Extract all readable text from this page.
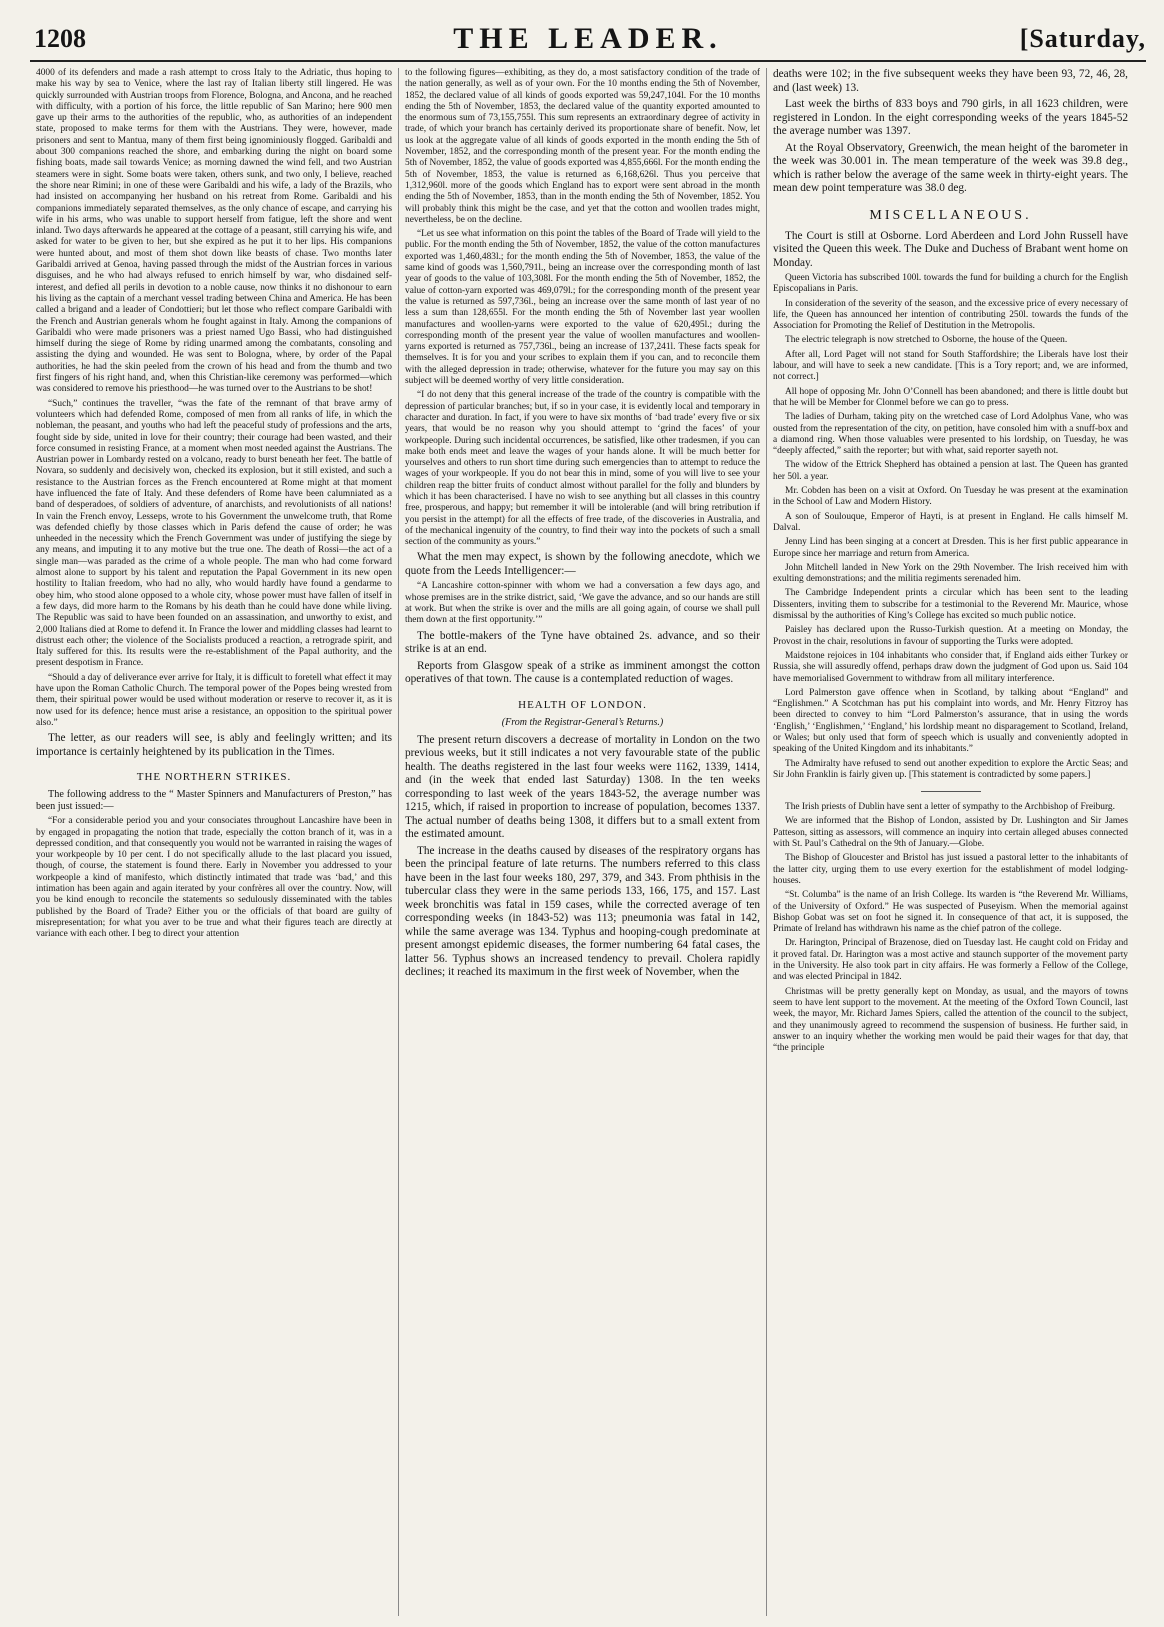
1208	THE LEADER.	[Saturday,

4000 of its defenders and made a rash attempt to cross Italy to the Adriatic, thus hoping to make his way by sea to Venice, where the last ray of Italian liberty still lingered. He was quickly surrounded with Austrian troops from Florence, Bologna, and Ancona, and he reached with difficulty, with a portion of his force, the little republic of San Marino; here 900 men gave up their arms to the authorities of the republic, who, as authorities of an independent state, proposed to make terms for them with the Austrians. They were, however, made prisoners and sent to Mantua, many of them first being ignominiously flogged. Garibaldi and about 300 companions reached the shore, and embarking during the night on board some fishing boats, made sail towards Venice; as morning dawned the wind fell, and two Austrian steamers were in sight. Some boats were taken, others sunk, and two only, I believe, reached the shore near Rimini; in one of these were Garibaldi and his wife, a lady of the Brazils, who had insisted on accompanying her husband on his retreat from Rome. Garibaldi and his companions immediately separated themselves, as the only chance of escape, and carrying his wife in his arms, who was unable to support herself from fatigue, left the shore and went inland. Two days afterwards he appeared at the cottage of a peasant, still carrying his wife, and asked for water to be given to her, but she expired as he put it to her lips. His companions were hunted about, and most of them shot down like beasts of chase. Two months later Garibaldi arrived at Genoa, having passed through the midst of the Austrian forces in various disguises, and he who had always refused to enrich himself by war, who disdained self-interest, and defied all perils in devotion to a noble cause, now thinks it no dishonour to earn his living as the captain of a merchant vessel trading between China and America. He has been called a brigand and a leader of Condottieri; but let those who reflect compare Garibaldi with the French and Austrian generals whom he fought against in Italy. Among the companions of Garibaldi who were made prisoners was a priest named Ugo Bassi, who had distinguished himself during the siege of Rome by riding unarmed among the combatants, consoling and assisting the dying and wounded. He was sent to Bologna, where, by order of the Papal authorities, he had the skin peeled from the crown of his head and from the thumb and two first fingers of his right hand, and, when this Christian-like ceremony was performed—which was considered to remove his priesthood—he was turned over to the Austrians to be shot!

“Such,” continues the traveller, “was the fate of the remnant of that brave army of volunteers which had defended Rome, composed of men from all ranks of life, in which the nobleman, the peasant, and youths who had left the peaceful study of professions and the arts, fought side by side, united in love for their country; their courage had been wasted, and their force consumed in resisting France, at a moment when most needed against the Austrians. The Austrian power in Lombardy rested on a volcano, ready to burst beneath her feet. The battle of Novara, so suddenly and decisively won, checked its explosion, but it still existed, and such a resistance to the Austrian forces as the French encountered at Rome might at that moment have influenced the fate of Italy. And these defenders of Rome have been calumniated as a band of desperadoes, of soldiers of adventure, of anarchists, and revolutionists of all nations! In vain the French envoy, Lesseps, wrote to his Government the unwelcome truth, that Rome was defended chiefly by those classes which in Paris defend the cause of order; he was unheeded in the necessity which the French Government was under of justifying the siege by any means, and imputing it to any motive but the true one. The death of Rossi—the act of a single man—was paraded as the crime of a whole people. The man who had come forward almost alone to support by his talent and reputation the Papal Government in its new open hostility to Italian freedom, who had no ally, who would hardly have found a gendarme to obey him, who stood alone opposed to a whole city, whose power must have fallen of itself in a few days, did more harm to the Romans by his death than he could have done while living. The Republic was said to have been founded on an assassination, and unworthy to exist, and 2,000 Italians died at Rome to defend it. In France the lower and middling classes had learnt to distrust each other; the violence of the Socialists produced a reaction, a retrograde spirit, and Italy suffered for this. Its results were the re-establishment of the Papal authority, and the present despotism in France.

“Should a day of deliverance ever arrive for Italy, it is difficult to foretell what effect it may have upon the Roman Catholic Church. The temporal power of the Popes being wrested from them, their spiritual power would be used without moderation or reserve to recover it, as it is now used for its defence; hence must arise a resistance, an opposition to the spiritual power also.”

The letter, as our readers will see, is ably and feelingly written; and its importance is certainly heightened by its publication in the Times.

THE NORTHERN STRIKES.

The following address to the “ Master Spinners and Manufacturers of Preston,” has been just issued:—

“For a considerable period you and your consociates throughout Lancashire have been in by engaged in propagating the notion that trade, especially the cotton branch of it, was in a depressed condition, and that consequently you would not be warranted in raising the wages of your workpeople by 10 per cent. I do not specifically allude to the last placard you issued, though, of course, the statement is found there. Early in November you addressed to your workpeople a kind of manifesto, which distinctly intimated that trade was ‘bad,’ and this intimation has been again and again iterated by your confrères all over the country. Now, will you be kind enough to reconcile the statements so sedulously disseminated with the tables published by the Board of Trade? Either you or the officials of that board are guilty of misrepresentation; for what you aver to be true and what their figures teach are directly at variance with each other. I beg to direct your attention

to the following figures—exhibiting, as they do, a most satisfactory condition of the trade of the nation generally, as well as of your own. For the 10 months ending the 5th of November, 1852, the declared value of all kinds of goods exported was 59,247,104l. For the 10 months ending the 5th of November, 1853, the declared value of the quantity exported amounted to the enormous sum of 73,155,755l. This sum represents an extraordinary degree of activity in trade, of which your branch has certainly derived its proportionate share of benefit. Now, let us look at the aggregate value of all kinds of goods exported in the month ending the 5th of November, 1852, and the corresponding month of the present year. For the month ending the 5th of November, 1852, the value of goods exported was 4,855,666l. For the month ending the 5th of November, 1853, the value is returned as 6,168,626l. Thus you perceive that 1,312,960l. more of the goods which England has to export were sent abroad in the month ending the 5th of November, 1853, than in the month ending the 5th of November, 1852. You will probably think this might be the case, and yet that the cotton and woollen trades might, nevertheless, be on the decline.

“Let us see what information on this point the tables of the Board of Trade will yield to the public. For the month ending the 5th of November, 1852, the value of the cotton manufactures exported was 1,460,483l.; for the month ending the 5th of November, 1853, the value of the same kind of goods was 1,560,791l., being an increase over the corresponding month of last year of goods to the value of 103,308l. For the month ending the 5th of November, 1852, the value of cotton-yarn exported was 469,079l.; for the corresponding month of the present year the value is returned as 597,736l., being an increase over the same month of last year of no less a sum than 128,655l. For the month ending the 5th of November last year woollen manufactures and woollen-yarns were exported to the value of 620,495l.; during the corresponding month of the present year the value of woollen manufactures and woollen-yarns exported is returned as 757,736l., being an increase of 137,241l. These facts speak for themselves. It is for you and your scribes to explain them if you can, and to reconcile them with the alleged depression in trade; otherwise, whatever for the future you may say on this subject will be deemed worthy of very little consideration.

“I do not deny that this general increase of the trade of the country is compatible with the depression of particular branches; but, if so in your case, it is evidently local and temporary in character and duration. In fact, if you were to have six months of ‘bad trade’ every five or six years, that would be no reason why you should attempt to ‘grind the faces’ of your workpeople. During such incidental occurrences, be satisfied, like other tradesmen, if you can make both ends meet and leave the wages of your hands alone. It will be much better for yourselves and others to run short time during such emergencies than to attempt to reduce the wages of your workpeople. If you do not bear this in mind, some of you will live to see your children reap the bitter fruits of conduct almost without parallel for the folly and blunders by which it has been characterised. I have no wish to see anything but all classes in this country free, prosperous, and happy; but remember it will be intolerable (and will bring retribution if you persist in the attempt) for all the effects of free trade, of the discoveries in Australia, and of the mechanical ingenuity of the country, to find their way into the pockets of such a small section of the community as yours.”

What the men may expect, is shown by the following anecdote, which we quote from the Leeds Intelligencer:—

“A Lancashire cotton-spinner with whom we had a conversation a few days ago, and whose premises are in the strike district, said, ‘We gave the advance, and so our hands are still at work. But when the strike is over and the mills are all going again, of course we shall pull them down at the first opportunity.’”

The bottle-makers of the Tyne have obtained 2s. advance, and so their strike is at an end.

Reports from Glasgow speak of a strike as imminent amongst the cotton operatives of that town. The cause is a contemplated reduction of wages.

HEALTH OF LONDON.
(From the Registrar-General’s Returns.)

The present return discovers a decrease of mortality in London on the two previous weeks, but it still indicates a not very favourable state of the public health. The deaths registered in the last four weeks were 1162, 1339, 1414, and (in the week that ended last Saturday) 1308. In the ten weeks corresponding to last week of the years 1843-52, the average number was 1215, which, if raised in proportion to increase of population, becomes 1337. The actual number of deaths being 1308, it differs but to a small extent from the estimated amount.

The increase in the deaths caused by diseases of the respiratory organs has been the principal feature of late returns. The numbers referred to this class have been in the last four weeks 180, 297, 379, and 343. From phthisis in the tubercular class they were in the same periods 133, 166, 175, and 157. Last week bronchitis was fatal in 159 cases, while the corrected average of ten corresponding weeks (in 1843-52) was 113; pneumonia was fatal in 142, while the same average was 134. Typhus and hooping-cough predominate at present amongst epidemic diseases, the former numbering 64 fatal cases, the latter 56. Typhus shows an increased tendency to prevail. Cholera rapidly declines; it reached its maximum in the first week of November, when the

deaths were 102; in the five subsequent weeks they have been 93, 72, 46, 28, and (last week) 13.

Last week the births of 833 boys and 790 girls, in all 1623 children, were registered in London. In the eight corresponding weeks of the years 1845-52 the average number was 1397.

At the Royal Observatory, Greenwich, the mean height of the barometer in the week was 30.001 in. The mean temperature of the week was 39.8 deg., which is rather below the average of the same week in thirty-eight years. The mean dew point temperature was 38.0 deg.

MISCELLANEOUS.

The Court is still at Osborne. Lord Aberdeen and Lord John Russell have visited the Queen this week. The Duke and Duchess of Brabant went home on Monday.

Queen Victoria has subscribed 100l. towards the fund for building a church for the English Episcopalians in Paris.

In consideration of the severity of the season, and the excessive price of every necessary of life, the Queen has announced her intention of contributing 250l. towards the funds of the Association for Promoting the Relief of Destitution in the Metropolis.

The electric telegraph is now stretched to Osborne, the house of the Queen.

After all, Lord Paget will not stand for South Staffordshire; the Liberals have lost their labour, and will have to seek a new candidate. [This is a Tory report; and, we are informed, not correct.]

All hope of opposing Mr. John O’Connell has been abandoned; and there is little doubt but that he will be Member for Clonmel before we can go to press.

The ladies of Durham, taking pity on the wretched case of Lord Adolphus Vane, who was ousted from the representation of the city, on petition, have consoled him with a snuff-box and a diamond ring. When those valuables were presented to his lordship, on Tuesday, he was “deeply affected,” saith the reporter; but with what, said reporter sayeth not.

The widow of the Ettrick Shepherd has obtained a pension at last. The Queen has granted her 50l. a year.

Mr. Cobden has been on a visit at Oxford. On Tuesday he was present at the examination in the School of Law and Modern History.

A son of Soulouque, Emperor of Hayti, is at present in England. He calls himself M. Dalval.

Jenny Lind has been singing at a concert at Dresden. This is her first public appearance in Europe since her marriage and return from America.

John Mitchell landed in New York on the 29th November. The Irish received him with exulting demonstrations; and the militia regiments serenaded him.

The Cambridge Independent prints a circular which has been sent to the leading Dissenters, inviting them to subscribe for a testimonial to the Reverend Mr. Maurice, whose dismissal by the authorities of King’s College has excited so much public notice.

Paisley has declared upon the Russo-Turkish question. At a meeting on Monday, the Provost in the chair, resolutions in favour of supporting the Turks were adopted.

Maidstone rejoices in 104 inhabitants who consider that, if England aids either Turkey or Russia, she will assuredly offend, perhaps draw down the judgment of God upon us. Said 104 have memorialised Government to withdraw from all military interference.

Lord Palmerston gave offence when in Scotland, by talking about “England” and “Englishmen.” A Scotchman has put his complaint into words, and Mr. Henry Fitzroy has been directed to convey to him “Lord Palmerston’s assurance, that in using the words ‘English,’ ‘Englishmen,’ ‘England,’ his lordship meant no disparagement to Scotland, Ireland, or Wales; but only used that form of speech which is usually and conveniently adopted in speaking of the United Kingdom and its inhabitants.”

The Admiralty have refused to send out another expedition to explore the Arctic Seas; and Sir John Franklin is fairly given up. [This statement is contradicted by some papers.]

The Irish priests of Dublin have sent a letter of sympathy to the Archbishop of Freiburg.

We are informed that the Bishop of London, assisted by Dr. Lushington and Sir James Patteson, sitting as assessors, will commence an inquiry into certain alleged abuses connected with St. Paul’s Cathedral on the 9th of January.—Globe.

The Bishop of Gloucester and Bristol has just issued a pastoral letter to the inhabitants of the latter city, urging them to use every exertion for the establishment of model lodging-houses.

“St. Columba” is the name of an Irish College. Its warden is “the Reverend Mr. Williams, of the University of Oxford.” He was suspected of Puseyism. When the memorial against Bishop Gobat was set on foot he signed it. In consequence of that act, it is supposed, the Primate of Ireland has withdrawn his name as the chief patron of the college.

Dr. Harington, Principal of Brazenose, died on Tuesday last. He caught cold on Friday and it proved fatal. Dr. Harington was a most active and staunch supporter of the movement party in the University. He also took part in city affairs. He was formerly a Fellow of the College, and was elected Principal in 1842.

Christmas will be pretty generally kept on Monday, as usual, and the mayors of towns seem to have lent support to the movement. At the meeting of the Oxford Town Council, last week, the mayor, Mr. Richard James Spiers, called the attention of the council to the subject, and they unanimously agreed to recommend the suspension of business. He further said, in answer to an inquiry whether the working men would be paid their wages for that day, that “the principle
